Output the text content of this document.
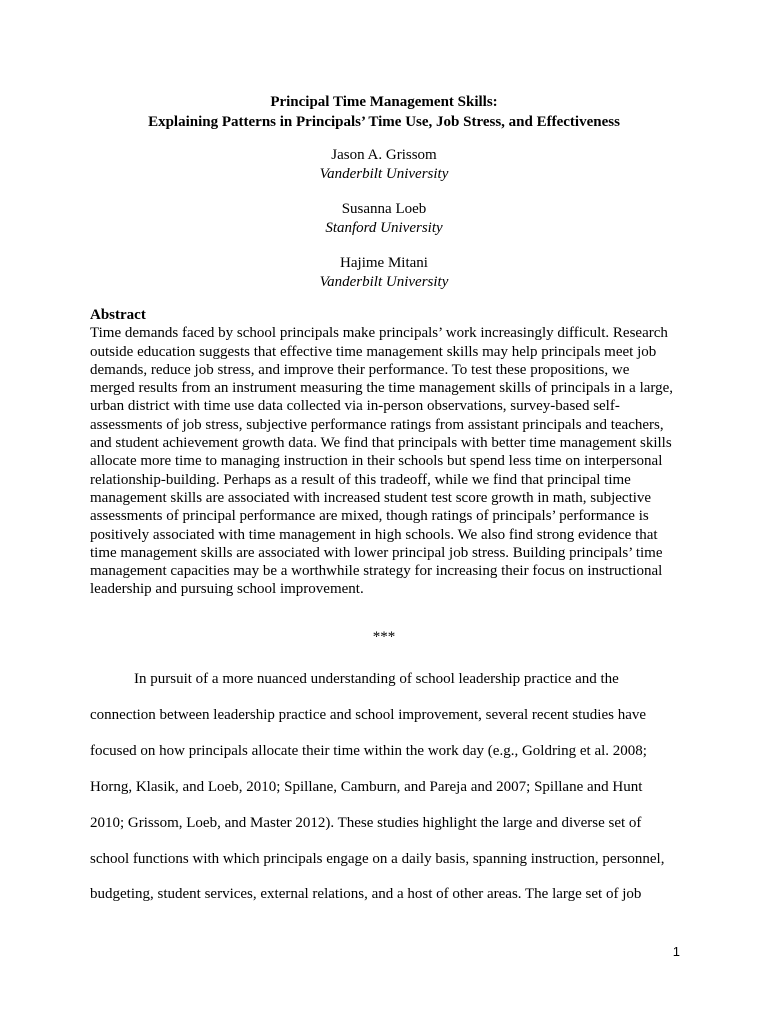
Principal Time Management Skills:
Explaining Patterns in Principals’ Time Use, Job Stress, and Effectiveness
Jason A. Grissom
Vanderbilt University
Susanna Loeb
Stanford University
Hajime Mitani
Vanderbilt University
Abstract
Time demands faced by school principals make principals’ work increasingly difficult. Research
outside education suggests that effective time management skills may help principals meet job
demands, reduce job stress, and improve their performance. To test these propositions, we
merged results from an instrument measuring the time management skills of principals in a large,
urban district with time use data collected via in-person observations, survey-based self-
assessments of job stress, subjective performance ratings from assistant principals and teachers,
and student achievement growth data. We find that principals with better time management skills
allocate more time to managing instruction in their schools but spend less time on interpersonal
relationship-building. Perhaps as a result of this tradeoff, while we find that principal time
management skills are associated with increased student test score growth in math, subjective
assessments of principal performance are mixed, though ratings of principals’ performance is
positively associated with time management in high schools. We also find strong evidence that
time management skills are associated with lower principal job stress. Building principals’ time
management capacities may be a worthwhile strategy for increasing their focus on instructional
leadership and pursuing school improvement.
***
In pursuit of a more nuanced understanding of school leadership practice and the
connection between leadership practice and school improvement, several recent studies have
focused on how principals allocate their time within the work day (e.g., Goldring et al. 2008;
Horng, Klasik, and Loeb, 2010; Spillane, Camburn, and Pareja and 2007; Spillane and Hunt
2010; Grissom, Loeb, and Master 2012). These studies highlight the large and diverse set of
school functions with which principals engage on a daily basis, spanning instruction, personnel,
budgeting, student services, external relations, and a host of other areas. The large set of job
1
